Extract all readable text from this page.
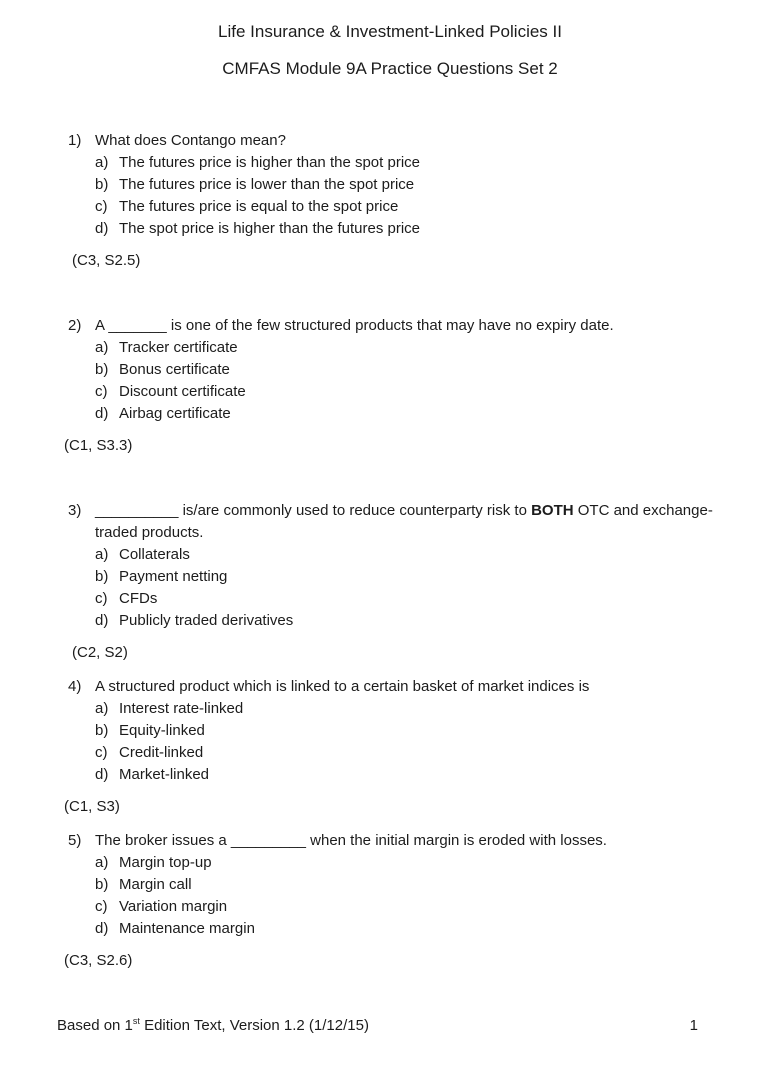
Life Insurance & Investment-Linked Policies II
CMFAS Module 9A Practice Questions Set 2
1) What does Contango mean?
a) The futures price is higher than the spot price
b) The futures price is lower than the spot price
c) The futures price is equal to the spot price
d) The spot price is higher than the futures price
(C3, S2.5)
2) A _______ is one of the few structured products that may have no expiry date.
a) Tracker certificate
b) Bonus certificate
c) Discount certificate
d) Airbag certificate
(C1, S3.3)
3) __________ is/are commonly used to reduce counterparty risk to BOTH OTC and exchange-traded products.
a) Collaterals
b) Payment netting
c) CFDs
d) Publicly traded derivatives
(C2, S2)
4) A structured product which is linked to a certain basket of market indices is
a) Interest rate-linked
b) Equity-linked
c) Credit-linked
d) Market-linked
(C1, S3)
5) The broker issues a _________ when the initial margin is eroded with losses.
a) Margin top-up
b) Margin call
c) Variation margin
d) Maintenance margin
(C3, S2.6)
Based on 1st Edition Text, Version 1.2 (1/12/15)	1
